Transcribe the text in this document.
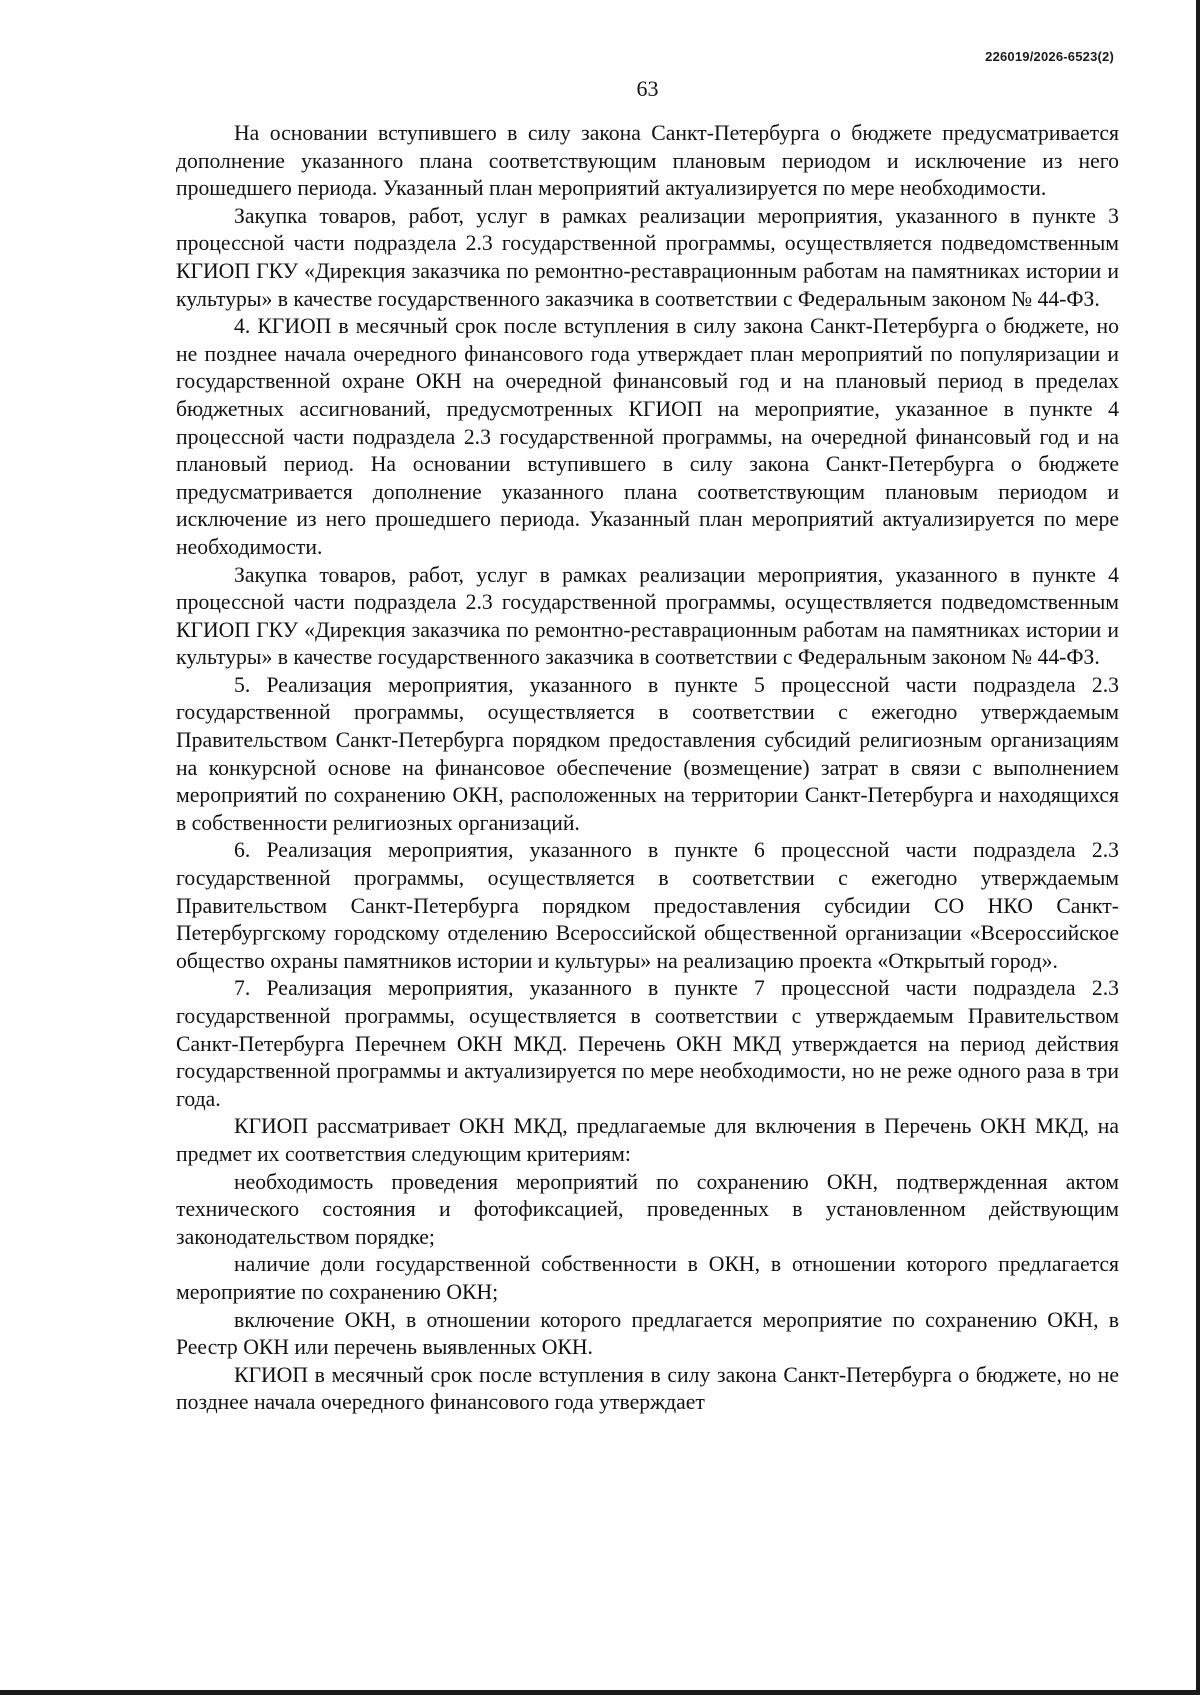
226019/2026-6523(2)
63

На основании вступившего в силу закона Санкт-Петербурга о бюджете предусматривается дополнение указанного плана соответствующим плановым периодом и исключение из него прошедшего периода. Указанный план мероприятий актуализируется по мере необходимости.

Закупка товаров, работ, услуг в рамках реализации мероприятия, указанного в пункте 3 процессной части подраздела 2.3 государственной программы, осуществляется подведомственным КГИОП ГКУ «Дирекция заказчика по ремонтно-реставрационным работам на памятниках истории и культуры» в качестве государственного заказчика в соответствии с Федеральным законом № 44-ФЗ.

4. КГИОП в месячный срок после вступления в силу закона Санкт-Петербурга о бюджете, но не позднее начала очередного финансового года утверждает план мероприятий по популяризации и государственной охране ОКН на очередной финансовый год и на плановый период в пределах бюджетных ассигнований, предусмотренных КГИОП на мероприятие, указанное в пункте 4 процессной части подраздела 2.3 государственной программы, на очередной финансовый год и на плановый период. На основании вступившего в силу закона Санкт-Петербурга о бюджете предусматривается дополнение указанного плана соответствующим плановым периодом и исключение из него прошедшего периода. Указанный план мероприятий актуализируется по мере необходимости.

Закупка товаров, работ, услуг в рамках реализации мероприятия, указанного в пункте 4 процессной части подраздела 2.3 государственной программы, осуществляется подведомственным КГИОП ГКУ «Дирекция заказчика по ремонтно-реставрационным работам на памятниках истории и культуры» в качестве государственного заказчика в соответствии с Федеральным законом № 44-ФЗ.

5. Реализация мероприятия, указанного в пункте 5 процессной части подраздела 2.3 государственной программы, осуществляется в соответствии с ежегодно утверждаемым Правительством Санкт-Петербурга порядком предоставления субсидий религиозным организациям на конкурсной основе на финансовое обеспечение (возмещение) затрат в связи с выполнением мероприятий по сохранению ОКН, расположенных на территории Санкт-Петербурга и находящихся в собственности религиозных организаций.

6. Реализация мероприятия, указанного в пункте 6 процессной части подраздела 2.3 государственной программы, осуществляется в соответствии с ежегодно утверждаемым Правительством Санкт-Петербурга порядком предоставления субсидии СО НКО Санкт-Петербургскому городскому отделению Всероссийской общественной организации «Всероссийское общество охраны памятников истории и культуры» на реализацию проекта «Открытый город».

7. Реализация мероприятия, указанного в пункте 7 процессной части подраздела 2.3 государственной программы, осуществляется в соответствии с утверждаемым Правительством Санкт-Петербурга Перечнем ОКН МКД. Перечень ОКН МКД утверждается на период действия государственной программы и актуализируется по мере необходимости, но не реже одного раза в три года.

КГИОП рассматривает ОКН МКД, предлагаемые для включения в Перечень ОКН МКД, на предмет их соответствия следующим критериям:

необходимость проведения мероприятий по сохранению ОКН, подтвержденная актом технического состояния и фотофиксацией, проведенных в установленном действующим законодательством порядке;

наличие доли государственной собственности в ОКН, в отношении которого предлагается мероприятие по сохранению ОКН;

включение ОКН, в отношении которого предлагается мероприятие по сохранению ОКН, в Реестр ОКН или перечень выявленных ОКН.

КГИОП в месячный срок после вступления в силу закона Санкт-Петербурга о бюджете, но не позднее начала очередного финансового года утверждает
